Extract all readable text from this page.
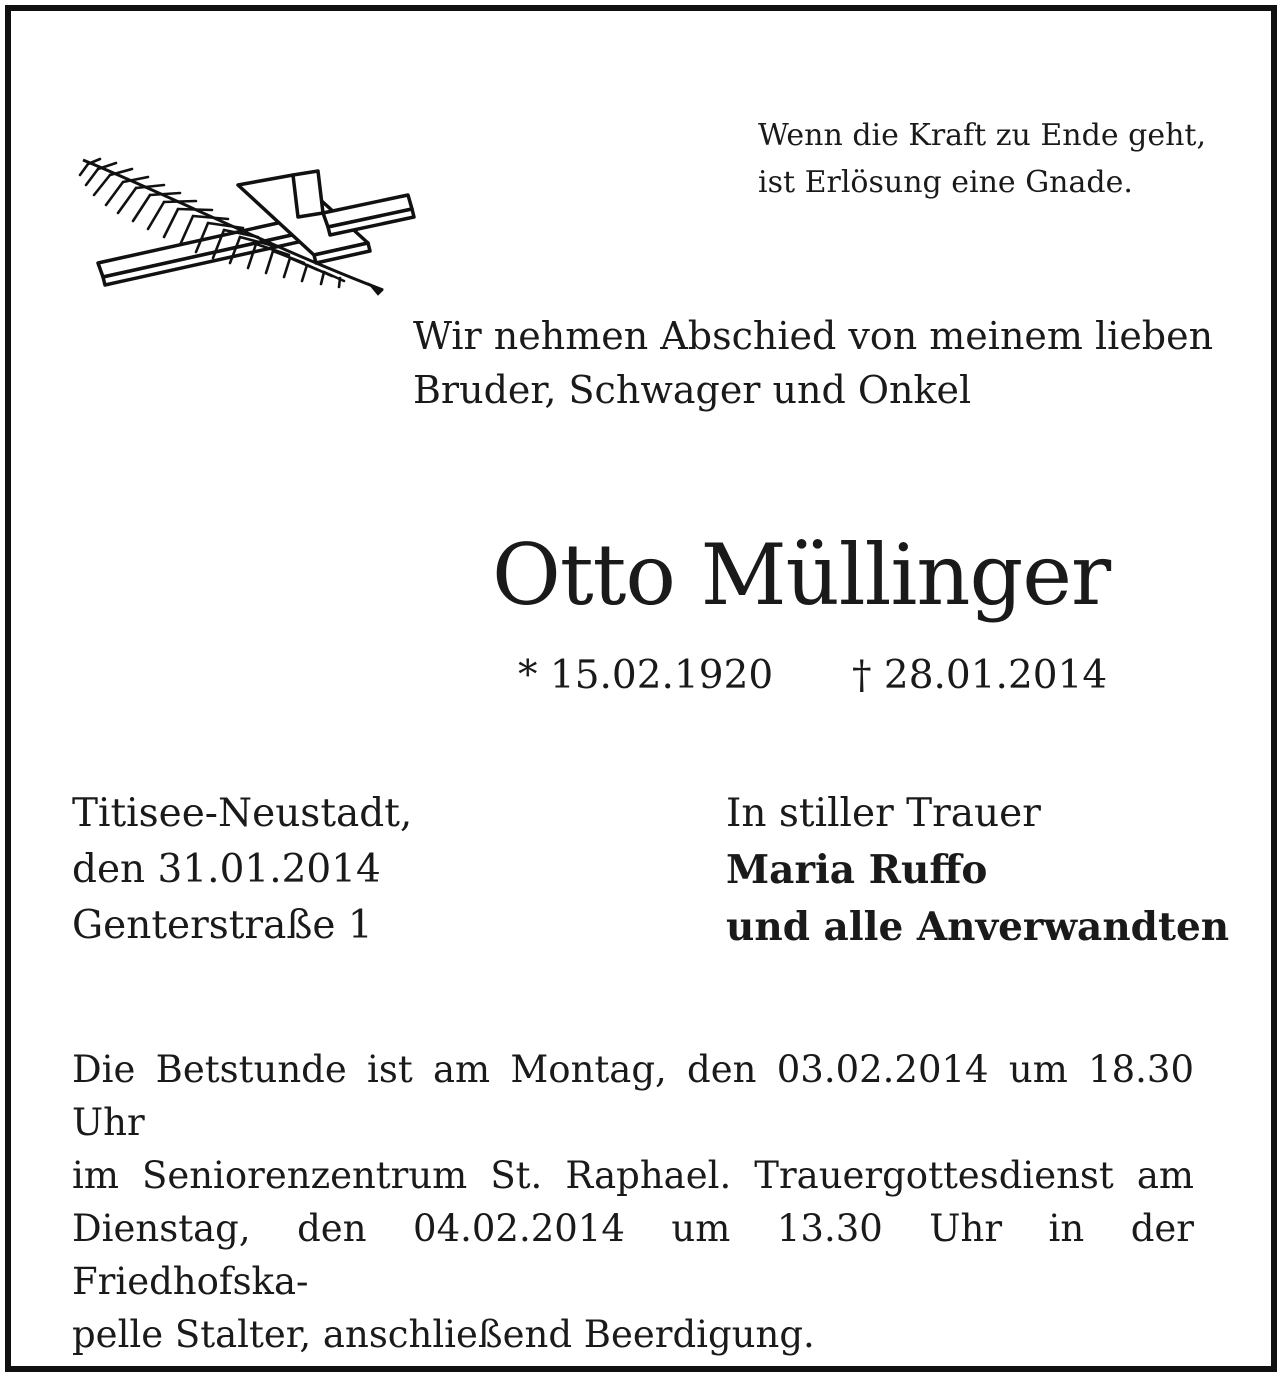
Wenn die Kraft zu Ende geht,
ist Erlösung eine Gnade.

Wir nehmen Abschied von meinem lieben
Bruder, Schwager und Onkel

Otto Müllinger
* 15.02.1920 † 28.01.2014

Titisee-Neustadt,
den 31.01.2014
Genterstraße 1

In stiller Trauer
Maria Ruffo
und alle Anverwandten

Die Betstunde ist am Montag, den 03.02.2014 um 18.30 Uhr
im Seniorenzentrum St. Raphael. Trauergottesdienst am
Dienstag, den 04.02.2014 um 13.30 Uhr in der Friedhofska-
pelle Stalter, anschließend Beerdigung.
